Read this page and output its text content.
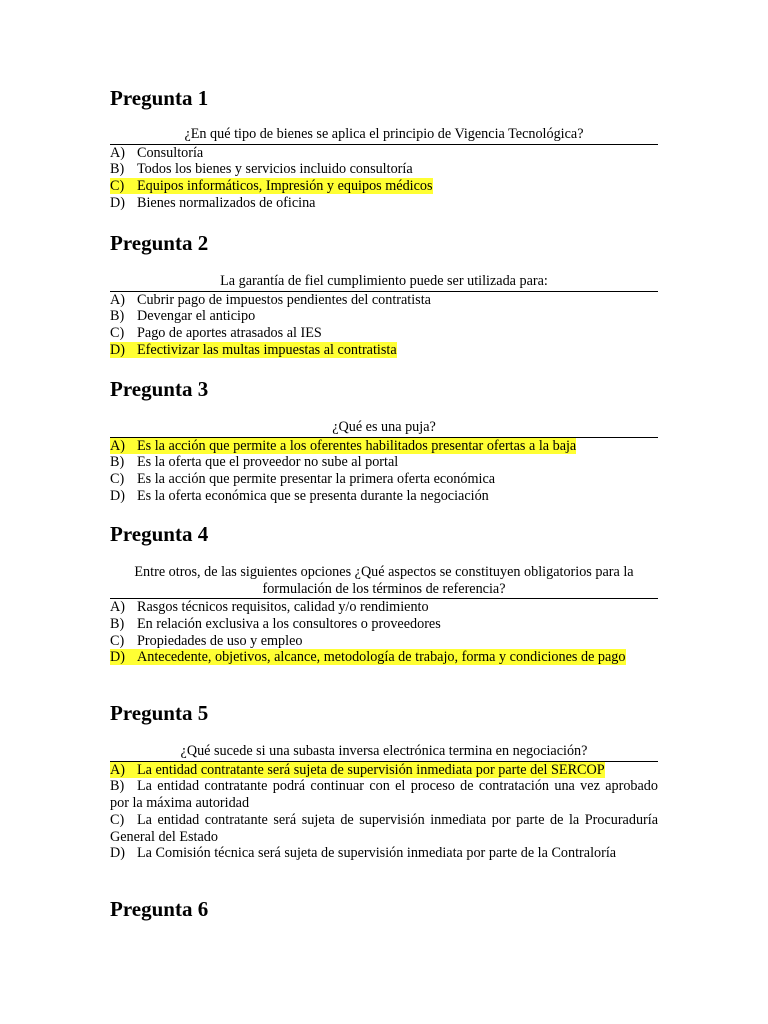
Pregunta 1
¿En qué tipo de bienes se aplica el principio de Vigencia Tecnológica?
A) Consultoría
B) Todos los bienes y servicios incluido consultoría
C) Equipos informáticos, Impresión y equipos médicos
D) Bienes normalizados de oficina
Pregunta 2
La garantía de fiel cumplimiento puede ser utilizada para:
A) Cubrir pago de impuestos pendientes del contratista
B) Devengar el anticipo
C) Pago de aportes atrasados al IES
D) Efectivizar las multas impuestas al contratista
Pregunta 3
¿Qué es una puja?
A) Es la acción que permite a los oferentes habilitados presentar ofertas a la baja
B) Es la oferta que el proveedor no sube al portal
C) Es la acción que permite presentar la primera oferta económica
D) Es la oferta económica que se presenta durante la negociación
Pregunta 4
Entre otros, de las siguientes opciones ¿Qué aspectos se constituyen obligatorios para la formulación de los términos de referencia?
A) Rasgos técnicos requisitos, calidad y/o rendimiento
B) En relación exclusiva a los consultores o proveedores
C) Propiedades de uso y empleo
D) Antecedente, objetivos, alcance, metodología de trabajo, forma y condiciones de pago
Pregunta 5
¿Qué sucede si una subasta inversa electrónica termina en negociación?
A) La entidad contratante será sujeta de supervisión inmediata por parte del SERCOP
B) La entidad contratante podrá continuar con el proceso de contratación una vez aprobado por la máxima autoridad
C) La entidad contratante será sujeta de supervisión inmediata por parte de la Procuraduría General del Estado
D) La Comisión técnica será sujeta de supervisión inmediata por parte de la Contraloría
Pregunta 6
